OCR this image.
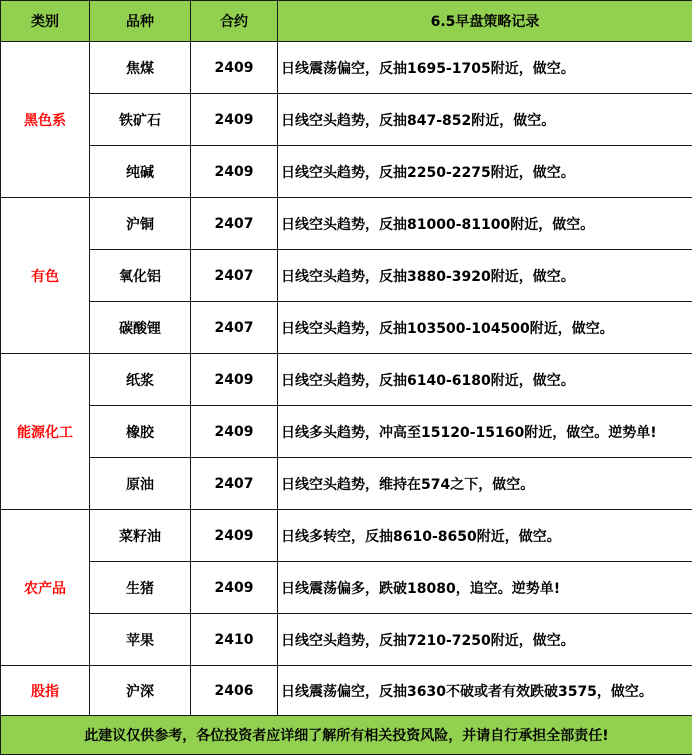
类别	品种	合约	6.5早盘策略记录
黑色系	焦煤	2409	日线震荡偏空，反抽1695-1705附近，做空。
	铁矿石	2409	日线空头趋势，反抽847-852附近，做空。
	纯碱	2409	日线空头趋势，反抽2250-2275附近，做空。
有色	沪铜	2407	日线空头趋势，反抽81000-81100附近，做空。
	氧化铝	2407	日线空头趋势，反抽3880-3920附近，做空。
	碳酸锂	2407	日线空头趋势，反抽103500-104500附近，做空。
能源化工	纸浆	2409	日线空头趋势，反抽6140-6180附近，做空。
	橡胶	2409	日线多头趋势，冲高至15120-15160附近，做空。逆势单!
	原油	2407	日线空头趋势，维持在574之下，做空。
农产品	菜籽油	2409	日线多转空，反抽8610-8650附近，做空。
	生猪	2409	日线震荡偏多，跌破18080，追空。逆势单!
	苹果	2410	日线空头趋势，反抽7210-7250附近，做空。
股指	沪深	2406	日线震荡偏空，反抽3630不破或者有效跌破3575，做空。
此建议仅供参考，各位投资者应详细了解所有相关投资风险，并请自行承担全部责任!			
